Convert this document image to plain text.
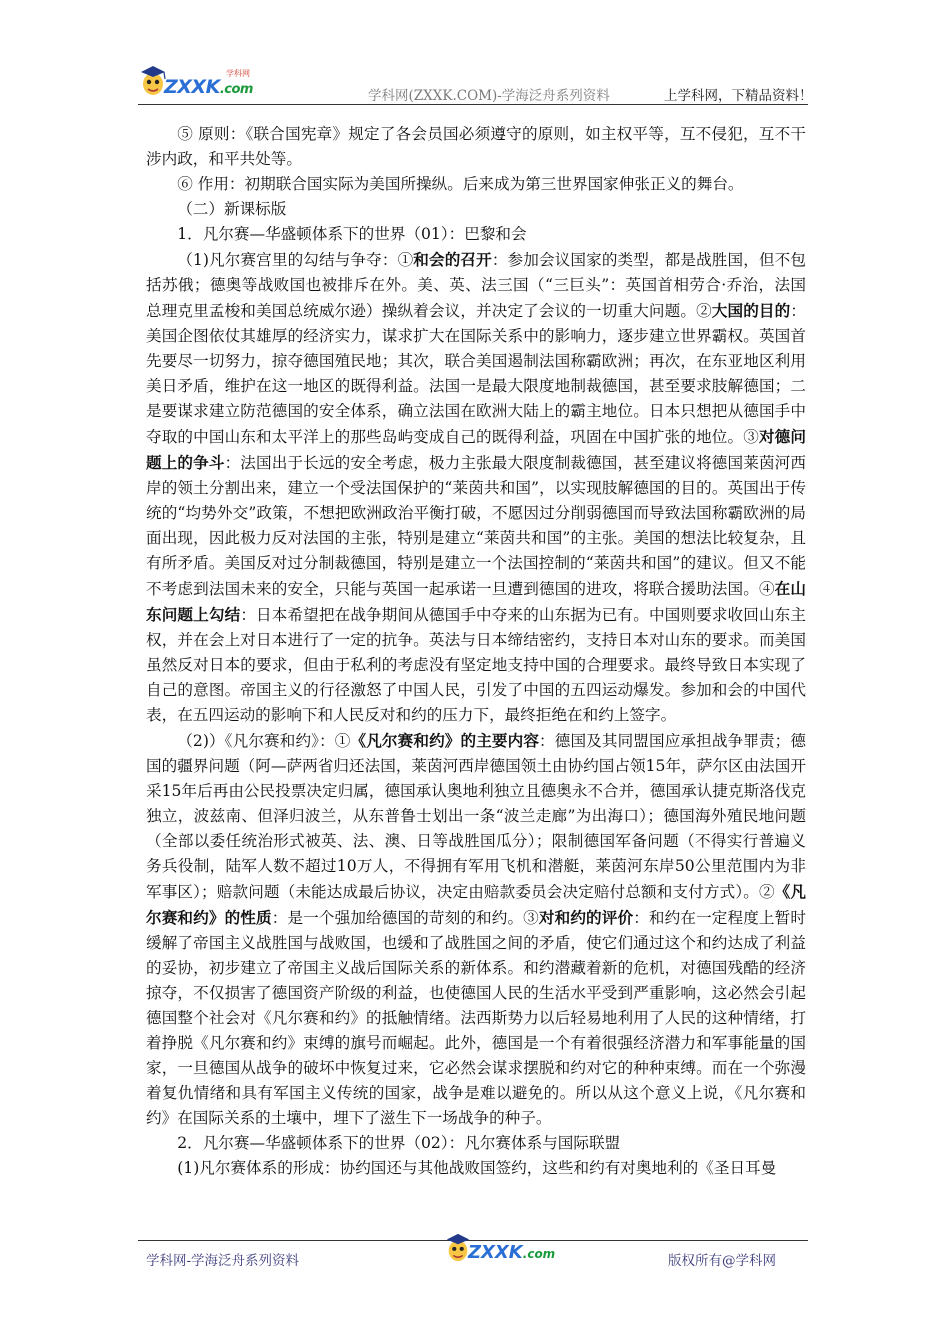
学科网
ZXXK.com	学科网(ZXXK.COM)-学海泛舟系列资料	上学科网，下精品资料！

⑤ 原则：《联合国宪章》规定了各会员国必须遵守的原则，如主权平等，互不侵犯，互不干涉内政，和平共处等。

⑥ 作用：初期联合国实际为美国所操纵。后来成为第三世界国家伸张正义的舞台。

（二）新课标版

1．凡尔赛—华盛顿体系下的世界（01）：巴黎和会

（1)凡尔赛宫里的勾结与争夺：①和会的召开：参加会议国家的类型，都是战胜国，但不包括苏俄；德奥等战败国也被排斥在外。美、英、法三国（“三巨头”：英国首相劳合·乔治，法国总理克里孟梭和美国总统威尔逊）操纵着会议，并决定了会议的一切重大问题。②大国的目的：美国企图依仗其雄厚的经济实力，谋求扩大在国际关系中的影响力，逐步建立世界霸权。英国首先要尽一切努力，掠夺德国殖民地；其次，联合美国遏制法国称霸欧洲；再次，在东亚地区利用美日矛盾，维护在这一地区的既得利益。法国一是最大限度地制裁德国，甚至要求肢解德国；二是要谋求建立防范德国的安全体系，确立法国在欧洲大陆上的霸主地位。日本只想把从德国手中夺取的中国山东和太平洋上的那些岛屿变成自己的既得利益，巩固在中国扩张的地位。③对德问题上的争斗：法国出于长远的安全考虑，极力主张最大限度制裁德国，甚至建议将德国莱茵河西岸的领土分割出来，建立一个受法国保护的“莱茵共和国”，以实现肢解德国的目的。英国出于传统的“均势外交”政策，不想把欧洲政治平衡打破，不愿因过分削弱德国而导致法国称霸欧洲的局面出现，因此极力反对法国的主张，特别是建立“莱茵共和国”的主张。美国的想法比较复杂，且有所矛盾。美国反对过分制裁德国，特别是建立一个法国控制的“莱茵共和国”的建议。但又不能不考虑到法国未来的安全，只能与英国一起承诺一旦遭到德国的进攻，将联合援助法国。④在山东问题上勾结：日本希望把在战争期间从德国手中夺来的山东据为已有。中国则要求收回山东主权，并在会上对日本进行了一定的抗争。英法与日本缔结密约，支持日本对山东的要求。而美国虽然反对日本的要求，但由于私利的考虑没有坚定地支持中国的合理要求。最终导致日本实现了自己的意图。帝国主义的行径激怒了中国人民，引发了中国的五四运动爆发。参加和会的中国代表，在五四运动的影响下和人民反对和约的压力下，最终拒绝在和约上签字。

（2)）《凡尔赛和约》：①《凡尔赛和约》的主要内容：德国及其同盟国应承担战争罪责；德国的疆界问题（阿—萨两省归还法国，莱茵河西岸德国领土由协约国占领15年，萨尔区由法国开采15年后再由公民投票决定归属，德国承认奥地利独立且德奥永不合并，德国承认捷克斯洛伐克独立，波兹南、但泽归波兰，从东普鲁士划出一条“波兰走廊”为出海口）；德国海外殖民地问题（全部以委任统治形式被英、法、澳、日等战胜国瓜分）；限制德国军备问题（不得实行普遍义务兵役制，陆军人数不超过10万人，不得拥有军用飞机和潜艇，莱茵河东岸50公里范围内为非军事区）；赔款问题（未能达成最后协议，决定由赔款委员会决定赔付总额和支付方式）。②《凡尔赛和约》的性质：是一个强加给德国的苛刻的和约。③对和约的评价：和约在一定程度上暂时缓解了帝国主义战胜国与战败国，也缓和了战胜国之间的矛盾，使它们通过这个和约达成了利益的妥协，初步建立了帝国主义战后国际关系的新体系。和约潜藏着新的危机，对德国残酷的经济掠夺，不仅损害了德国资产阶级的利益，也使德国人民的生活水平受到严重影响，这必然会引起德国整个社会对《凡尔赛和约》的抵触情绪。法西斯势力以后轻易地利用了人民的这种情绪，打着挣脱《凡尔赛和约》束缚的旗号而崛起。此外，德国是一个有着很强经济潜力和军事能量的国家，一旦德国从战争的破坏中恢复过来，它必然会谋求摆脱和约对它的种种束缚。而在一个弥漫着复仇情绪和具有军国主义传统的国家，战争是难以避免的。所以从这个意义上说，《凡尔赛和约》在国际关系的土壤中，埋下了滋生下一场战争的种子。

2．凡尔赛—华盛顿体系下的世界（02）：凡尔赛体系与国际联盟

(1)凡尔赛体系的形成：协约国还与其他战败国签约，这些和约有对奥地利的《圣日耳曼

学科网-学海泛舟系列资料	ZXXK.com	版权所有@学科网
